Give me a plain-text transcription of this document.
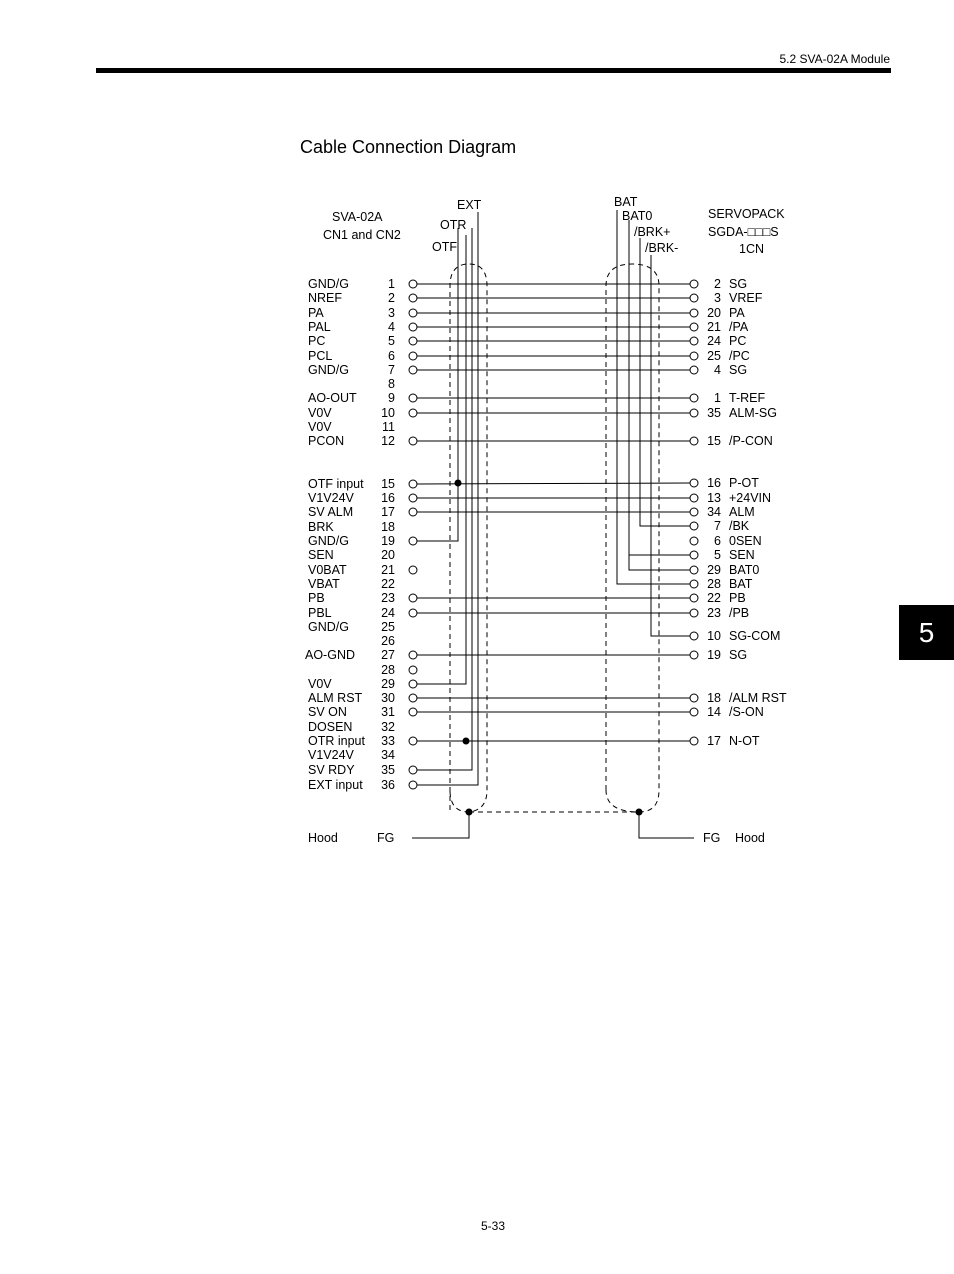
5.2 SVA-02A Module
Cable Connection Diagram
5
5-33
SVA-02A
CN1 and CN2
SERVOPACK
SGDA-□□□S
1CN
EXT
OTR
OTF
BAT
BAT0
/BRK+
/BRK-
GND/G	1
NREF	2
PA	3
PAL	4
PC	5
PCL	6
GND/G	7
8
AO-OUT	9
V0V	10
V0V	11
PCON	12
OTF input 15
V1V24V 16
SV ALM 17
BRK	18
GND/G	19
SEN	20
V0BAT	21
VBAT	22
PB	23
PBL	24
GND/G	25
26
AO-GND 27
28
V0V	29
ALM RST 30
SV ON	31
DOSEN 32
OTR input 33
V1V24V 34
SV RDY 35
EXT input 36
2 SG
3 VREF
20 PA
21 /PA
24 PC
25 /PC
4 SG
1 T-REF
35 ALM-SG
15 /P-CON
16 P-OT
13 +24VIN
34 ALM
7 /BK
6 0SEN
5 SEN
29 BAT0
28 BAT
22 PB
23 /PB
10 SG-COM
19 SG
18 /ALM RST
14 /S-ON
17 N-OT
Hood	FG	FG Hood
